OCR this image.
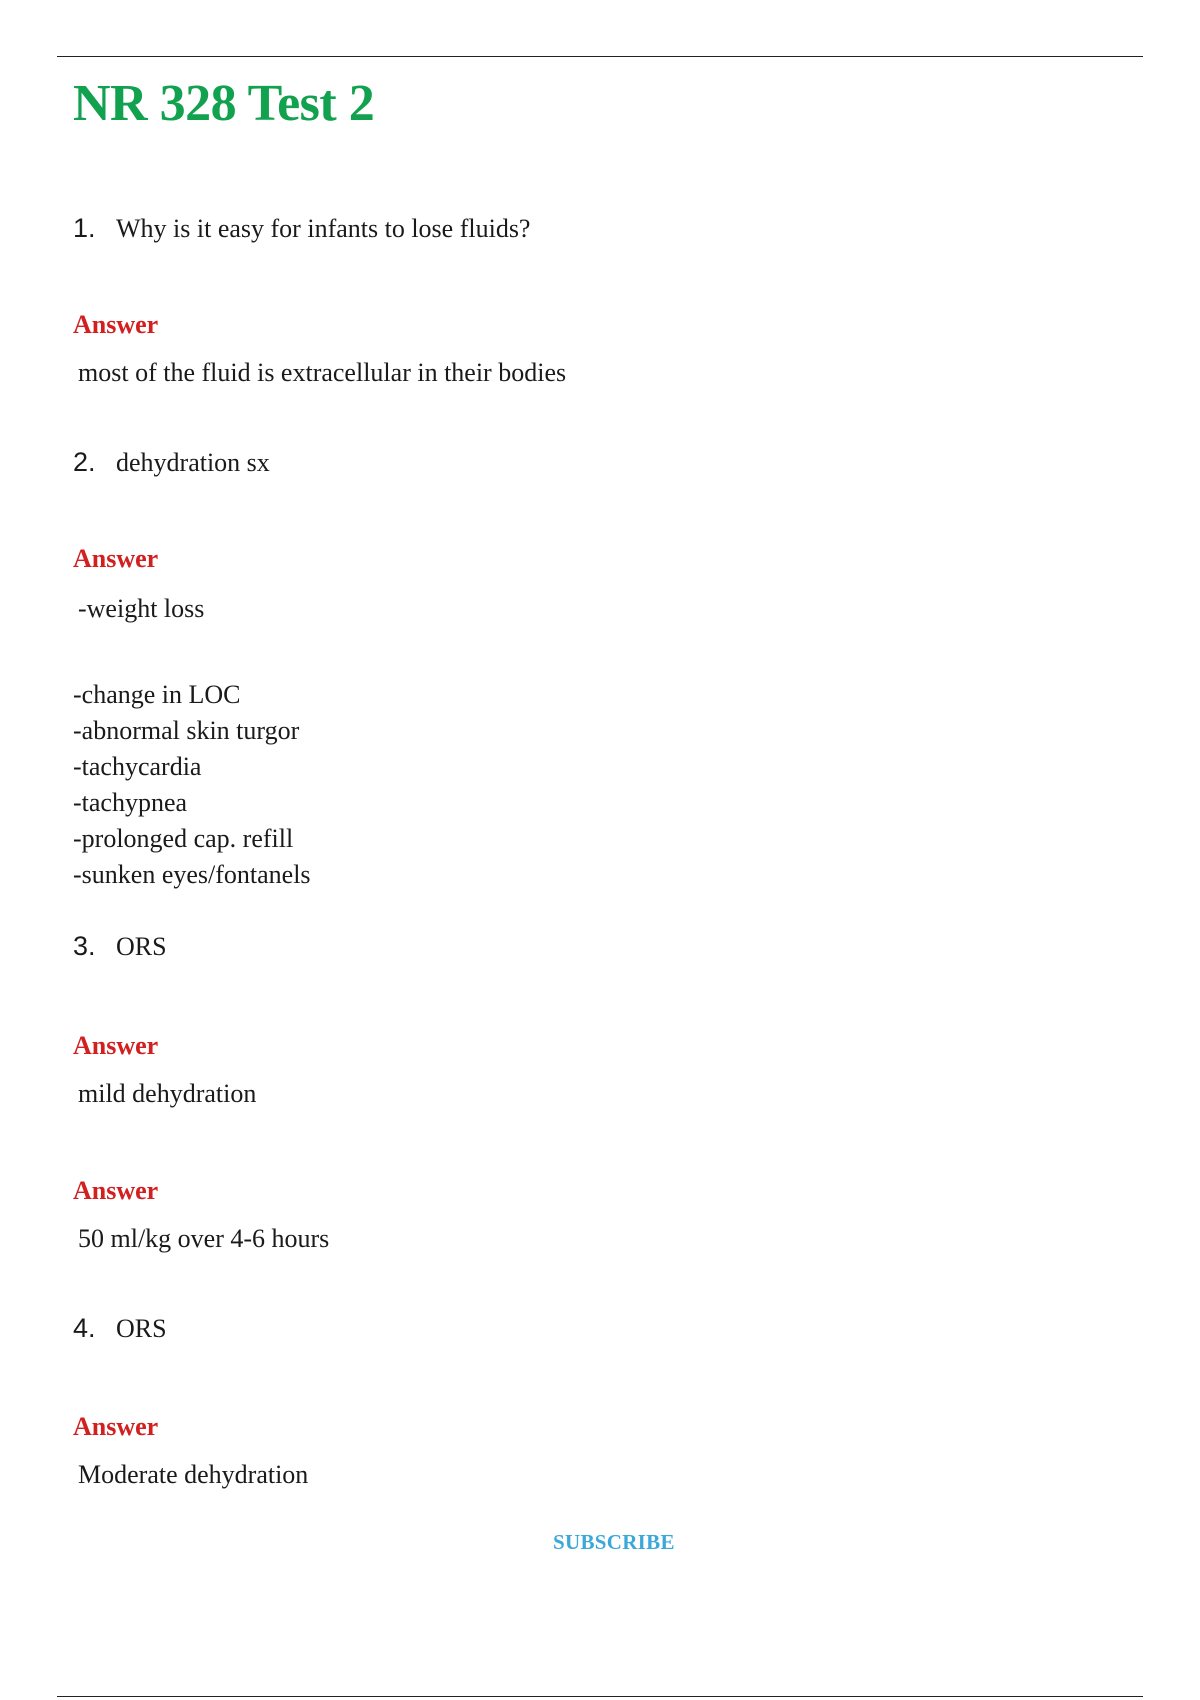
NR 328 Test 2
1. Why is it easy for infants to lose fluids?
Answer
most of the fluid is extracellular in their bodies
2. dehydration sx
Answer
-weight loss
-change in LOC
-abnormal skin turgor
-tachycardia
-tachypnea
-prolonged cap. refill
-sunken eyes/fontanels
3. ORS
Answer
mild dehydration
Answer
50 ml/kg over 4-6 hours
4. ORS
Answer
Moderate dehydration
SUBSCRIBE
